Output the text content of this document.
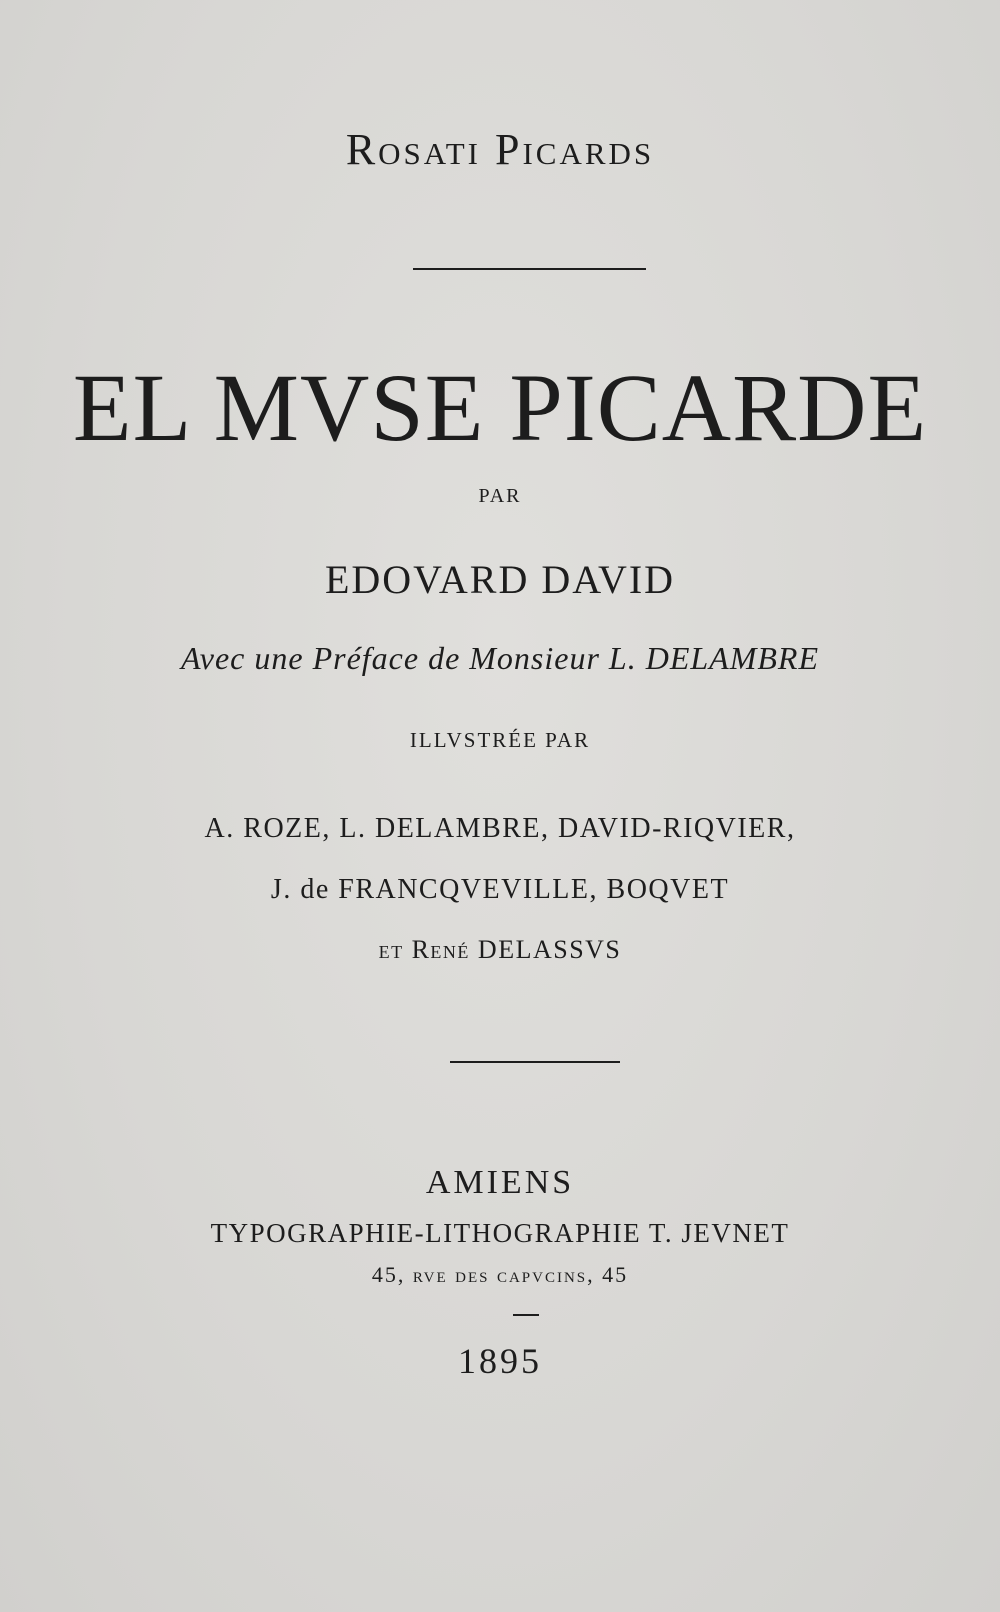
Rosati Picards
EL MVSE PICARDE
PAR
EDOVARD DAVID
Avec une Préface de Monsieur L. DELAMBRE
ILLVSTRÉE PAR
A. ROZE, L. DELAMBRE, DAVID-RIQVIER,
J. de FRANCQVEVILLE, BOQVET
et René DELASSVS
AMIENS
TYPOGRAPHIE-LITHOGRAPHIE T. JEVNET
45, rve des capvcins, 45
1895
